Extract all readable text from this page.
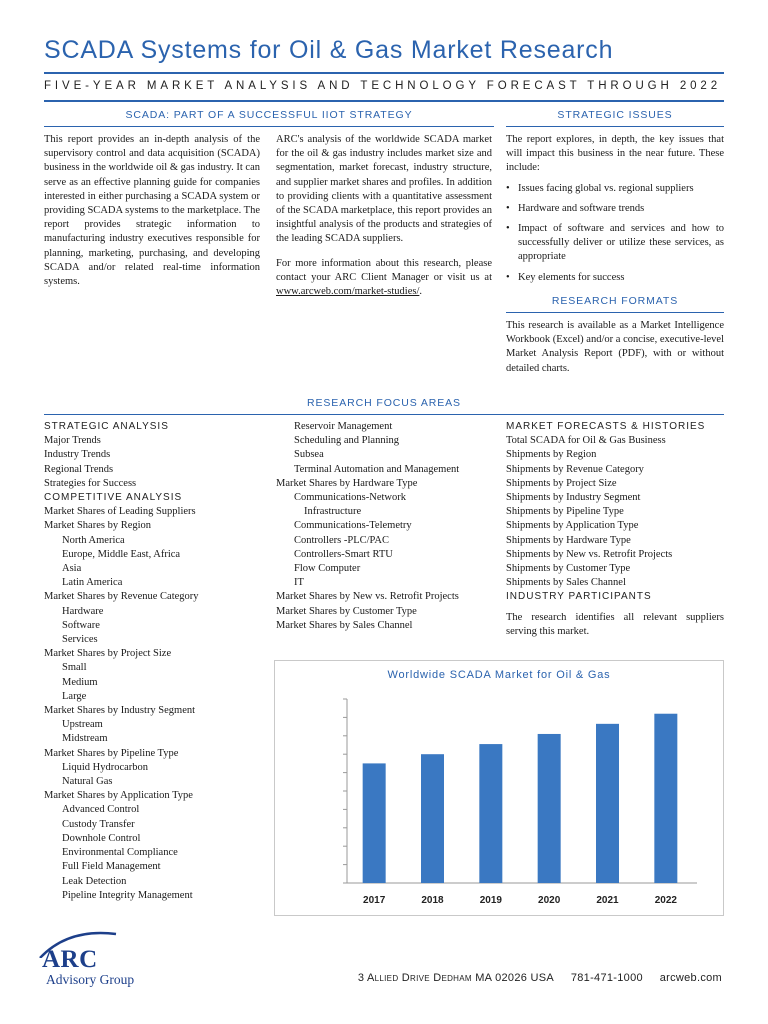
SCADA Systems for Oil & Gas Market Research
FIVE-YEAR MARKET ANALYSIS AND TECHNOLOGY FORECAST THROUGH 2022
SCADA: PART OF A SUCCESSFUL IIOT STRATEGY

This report provides an in-depth analysis of the supervisory control and data acquisition (SCADA) business in the worldwide oil & gas industry. It can serve as an effective planning guide for companies interested in either purchasing a SCADA system or providing SCADA systems to the marketplace. The report provides strategic information to manufacturing industry executives responsible for planning, marketing, purchasing, and developing SCADA and/or related real-time information systems.

ARC's analysis of the worldwide SCADA market for the oil & gas industry includes market size and segmentation, market forecast, industry structure, and supplier market shares and profiles. In addition to providing clients with a quantitative assessment of the SCADA marketplace, this report provides an insightful analysis of the products and strategies of the leading SCADA suppliers.

For more information about this research, please contact your ARC Client Manager or visit us at www.arcweb.com/market-studies/.

STRATEGIC ISSUES

The report explores, in depth, the key issues that will impact this business in the near future. These include:

• Issues facing global vs. regional suppliers
• Hardware and software trends
• Impact of software and services and how to successfully deliver or utilize these services, as appropriate
• Key elements for success
RESEARCH FORMATS
This research is available as a Market Intelligence Workbook (Excel) and/or a concise, executive-level Market Analysis Report (PDF), with or without detailed charts.
RESEARCH FOCUS AREAS
STRATEGIC ANALYSIS
Major Trends
Industry Trends
Regional Trends
Strategies for Success
COMPETITIVE ANALYSIS
Market Shares of Leading Suppliers
Market Shares by Region
North America
Europe, Middle East, Africa
Asia
Latin America
Market Shares by Revenue Category
Hardware
Software
Services
Market Shares by Project Size
Small
Medium
Large
Market Shares by Industry Segment
Upstream
Midstream
Market Shares by Pipeline Type
Liquid Hydrocarbon
Natural Gas
Market Shares by Application Type
Advanced Control
Custody Transfer
Downhole Control
Environmental Compliance
Full Field Management
Leak Detection
Pipeline Integrity Management
Reservoir Management
Scheduling and Planning
Subsea
Terminal Automation and Management
Market Shares by Hardware Type
Communications-Network
Infrastructure
Communications-Telemetry
Controllers -PLC/PAC
Controllers-Smart RTU
Flow Computer
IT
Market Shares by New vs. Retrofit Projects
Market Shares by Customer Type
Market Shares by Sales Channel
MARKET FORECASTS & HISTORIES
Total SCADA for Oil & Gas Business
Shipments by Region
Shipments by Revenue Category
Shipments by Project Size
Shipments by Industry Segment
Shipments by Pipeline Type
Shipments by Application Type
Shipments by Hardware Type
Shipments by New vs. Retrofit Projects
Shipments by Customer Type
Shipments by Sales Channel
INDUSTRY PARTICIPANTS
The research identifies all relevant suppliers serving this market.
Worldwide SCADA Market for Oil & Gas
2017	2018	2019	2020	2021	2022
ARC
Advisory Group	3 Allied Drive Dedham MA 02026 USA 781-471-1000 arcweb.com
